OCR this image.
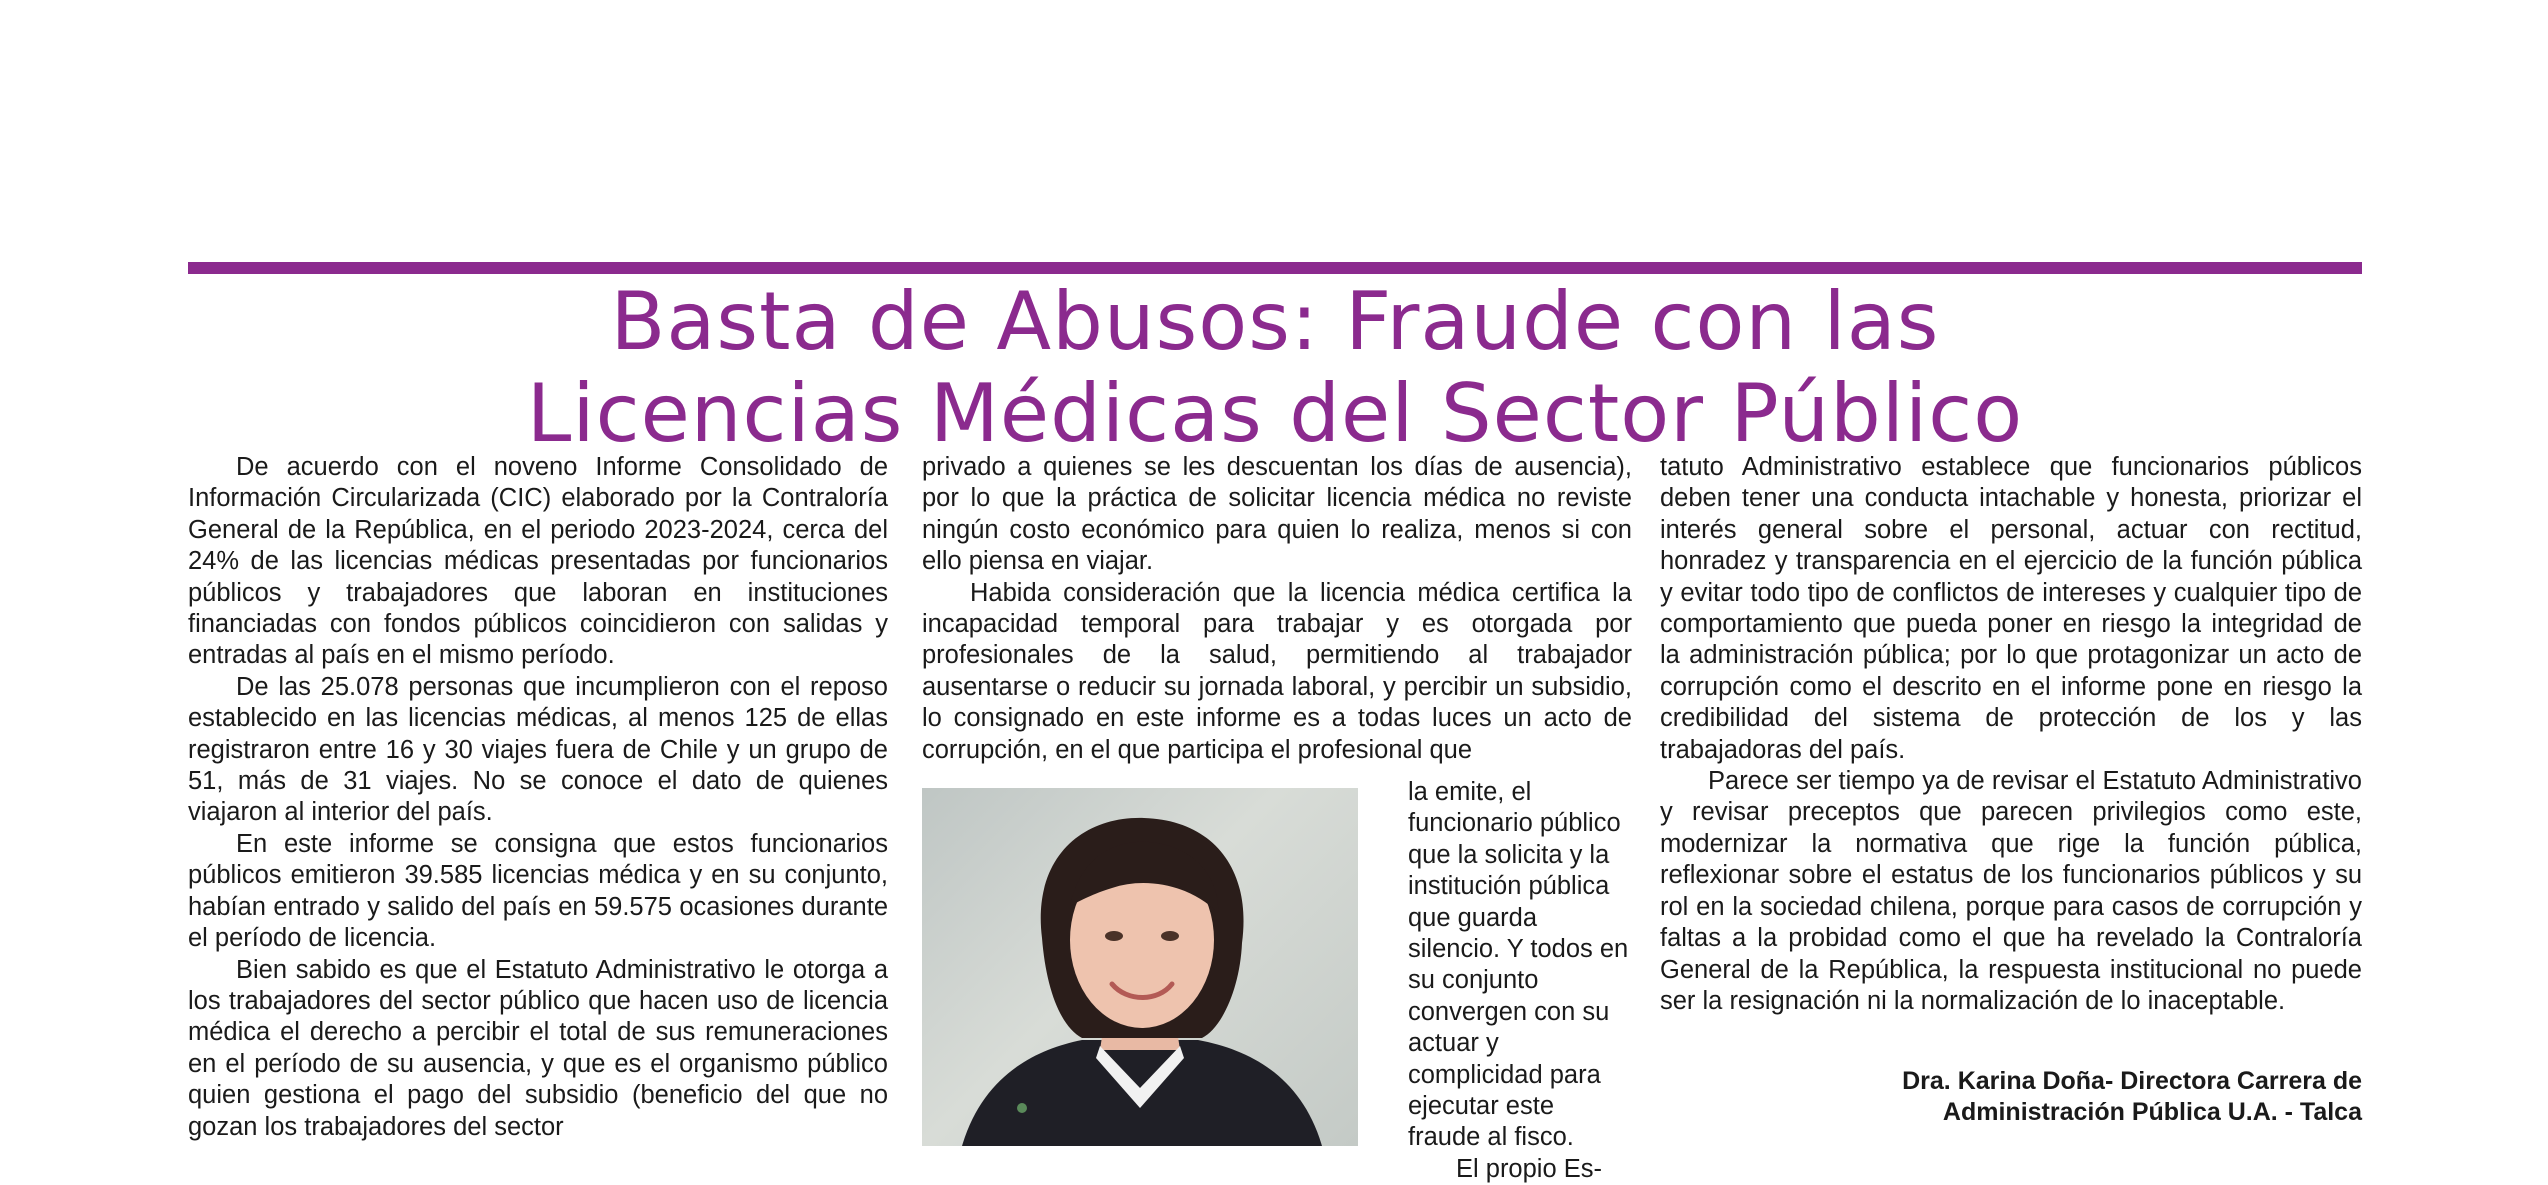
Basta de Abusos: Fraude con las
Licencias Médicas del Sector Público

De acuerdo con el noveno Informe Consolidado de Información Circularizada (CIC) elaborado por la Contraloría General de la República, en el periodo 2023-2024, cerca del 24% de las licencias médicas presentadas por funcionarios públicos y trabajadores que laboran en instituciones financiadas con fondos públicos coincidieron con salidas y entradas al país en el mismo período.

De las 25.078 personas que incumplieron con el reposo establecido en las licencias médicas, al menos 125 de ellas registraron entre 16 y 30 viajes fuera de Chile y un grupo de 51, más de 31 viajes. No se conoce el dato de quienes viajaron al interior del país.

En este informe se consigna que estos funcionarios públicos emitieron 39.585 licencias médica y en su conjunto, habían entrado y salido del país en 59.575 ocasiones durante el período de licencia.

Bien sabido es que el Estatuto Administrativo le otorga a los trabajadores del sector público que hacen uso de licencia médica el derecho a percibir el total de sus remuneraciones en el período de su ausencia, y que es el organismo público quien gestiona el pago del subsidio (beneficio del que no gozan los trabajadores del sector

privado a quienes se les descuentan los días de ausencia), por lo que la práctica de solicitar licencia médica no reviste ningún costo económico para quien lo realiza, menos si con ello piensa en viajar.

Habida consideración que la licencia médica certifica la incapacidad temporal para trabajar y es otorgada por profesionales de la salud, permitiendo al trabajador ausentarse o reducir su jornada laboral, y percibir un subsidio, lo consignado en este informe es a todas luces un acto de corrupción, en el que participa el profesional que

la emite, el funcionario público que la solicita y la institución pública que guarda silencio. Y todos en su conjunto convergen con su actuar y complicidad para ejecutar este fraude al fisco.

El propio Es-

tatuto Administrativo establece que funcionarios públicos deben tener una conducta intachable y honesta, priorizar el interés general sobre el personal, actuar con rectitud, honradez y transparencia en el ejercicio de la función pública y evitar todo tipo de conflictos de intereses y cualquier tipo de comportamiento que pueda poner en riesgo la integridad de la administración pública; por lo que protagonizar un acto de corrupción como el descrito en el informe pone en riesgo la credibilidad del sistema de protección de los y las trabajadoras del país.

Parece ser tiempo ya de revisar el Estatuto Administrativo y revisar preceptos que parecen privilegios como este, modernizar la normativa que rige la función pública, reflexionar sobre el estatus de los funcionarios públicos y su rol en la sociedad chilena, porque para casos de corrupción y faltas a la probidad como el que ha revelado la Contraloría General de la República, la respuesta institucional no puede ser la resignación ni la normalización de lo inaceptable.

Dra. Karina Doña- Directora Carrera de
Administración Pública U.A. - Talca
